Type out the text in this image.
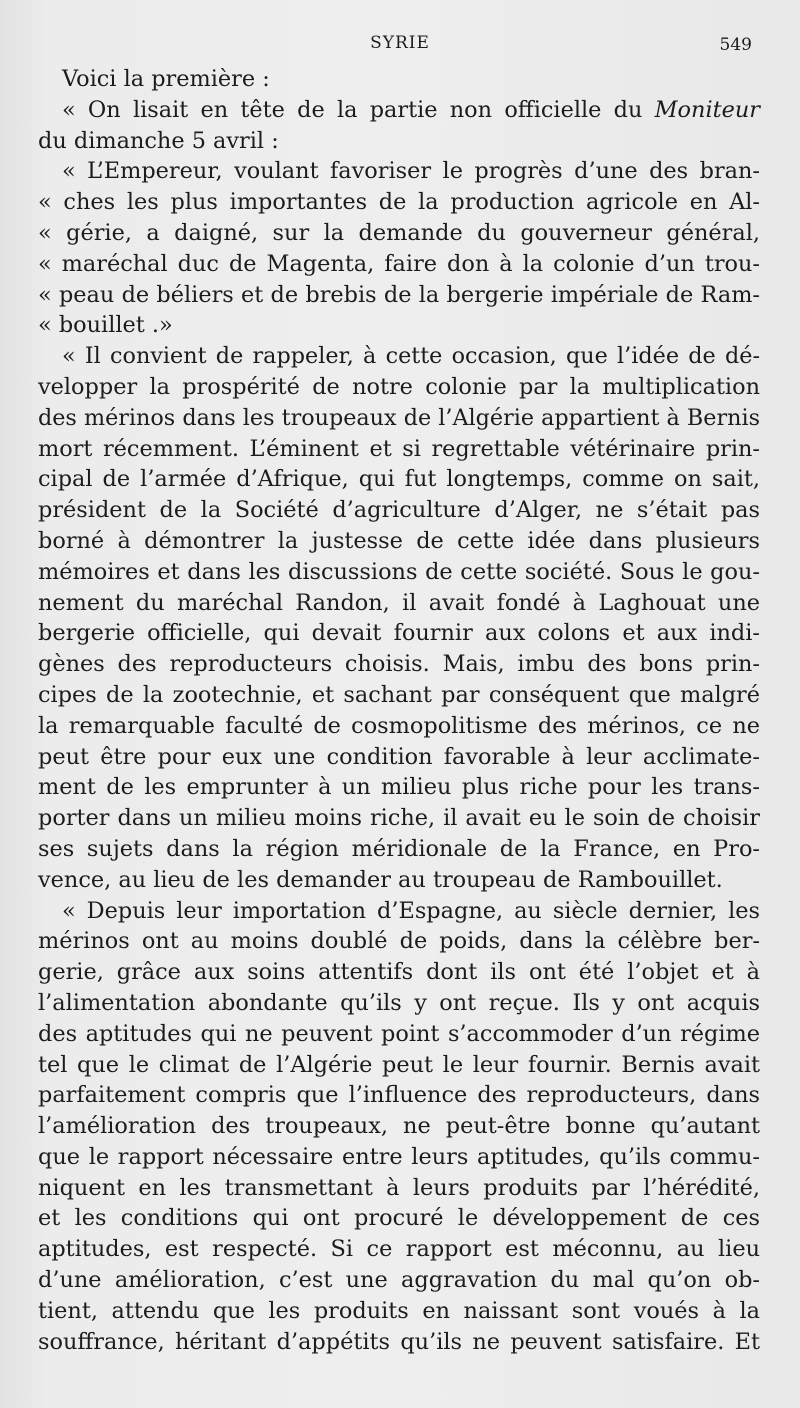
SYRIE	549
Voici la première :
« On lisait en tête de la partie non officielle du Moniteur
du dimanche 5 avril :
« L’Empereur, voulant favoriser le progrès d’une des bran-
« ches les plus importantes de la production agricole en Al-
« gérie, a daigné, sur la demande du gouverneur général,
« maréchal duc de Magenta, faire don à la colonie d’un trou-
« peau de béliers et de brebis de la bergerie impériale de Ram-
« bouillet .»
« Il convient de rappeler, à cette occasion, que l’idée de dé-
velopper la prospérité de notre colonie par la multiplication
des mérinos dans les troupeaux de l’Algérie appartient à Bernis
mort récemment. L’éminent et si regrettable vétérinaire prin-
cipal de l’armée d’Afrique, qui fut longtemps, comme on sait,
président de la Société d’agriculture d’Alger, ne s’était pas
borné à démontrer la justesse de cette idée dans plusieurs
mémoires et dans les discussions de cette société. Sous le gou-
nement du maréchal Randon, il avait fondé à Laghouat une
bergerie officielle, qui devait fournir aux colons et aux indi-
gènes des reproducteurs choisis. Mais, imbu des bons prin-
cipes de la zootechnie, et sachant par conséquent que malgré
la remarquable faculté de cosmopolitisme des mérinos, ce ne
peut être pour eux une condition favorable à leur acclimate-
ment de les emprunter à un milieu plus riche pour les trans-
porter dans un milieu moins riche, il avait eu le soin de choisir
ses sujets dans la région méridionale de la France, en Pro-
vence, au lieu de les demander au troupeau de Rambouillet.
« Depuis leur importation d’Espagne, au siècle dernier, les
mérinos ont au moins doublé de poids, dans la célèbre ber-
gerie, grâce aux soins attentifs dont ils ont été l’objet et à
l’alimentation abondante qu’ils y ont reçue. Ils y ont acquis
des aptitudes qui ne peuvent point s’accommoder d’un régime
tel que le climat de l’Algérie peut le leur fournir. Bernis avait
parfaitement compris que l’influence des reproducteurs, dans
l’amélioration des troupeaux, ne peut-être bonne qu’autant
que le rapport nécessaire entre leurs aptitudes, qu’ils commu-
niquent en les transmettant à leurs produits par l’hérédité,
et les conditions qui ont procuré le développement de ces
aptitudes, est respecté. Si ce rapport est méconnu, au lieu
d’une amélioration, c’est une aggravation du mal qu’on ob-
tient, attendu que les produits en naissant sont voués à la
souffrance, héritant d’appétits qu’ils ne peuvent satisfaire. Et
